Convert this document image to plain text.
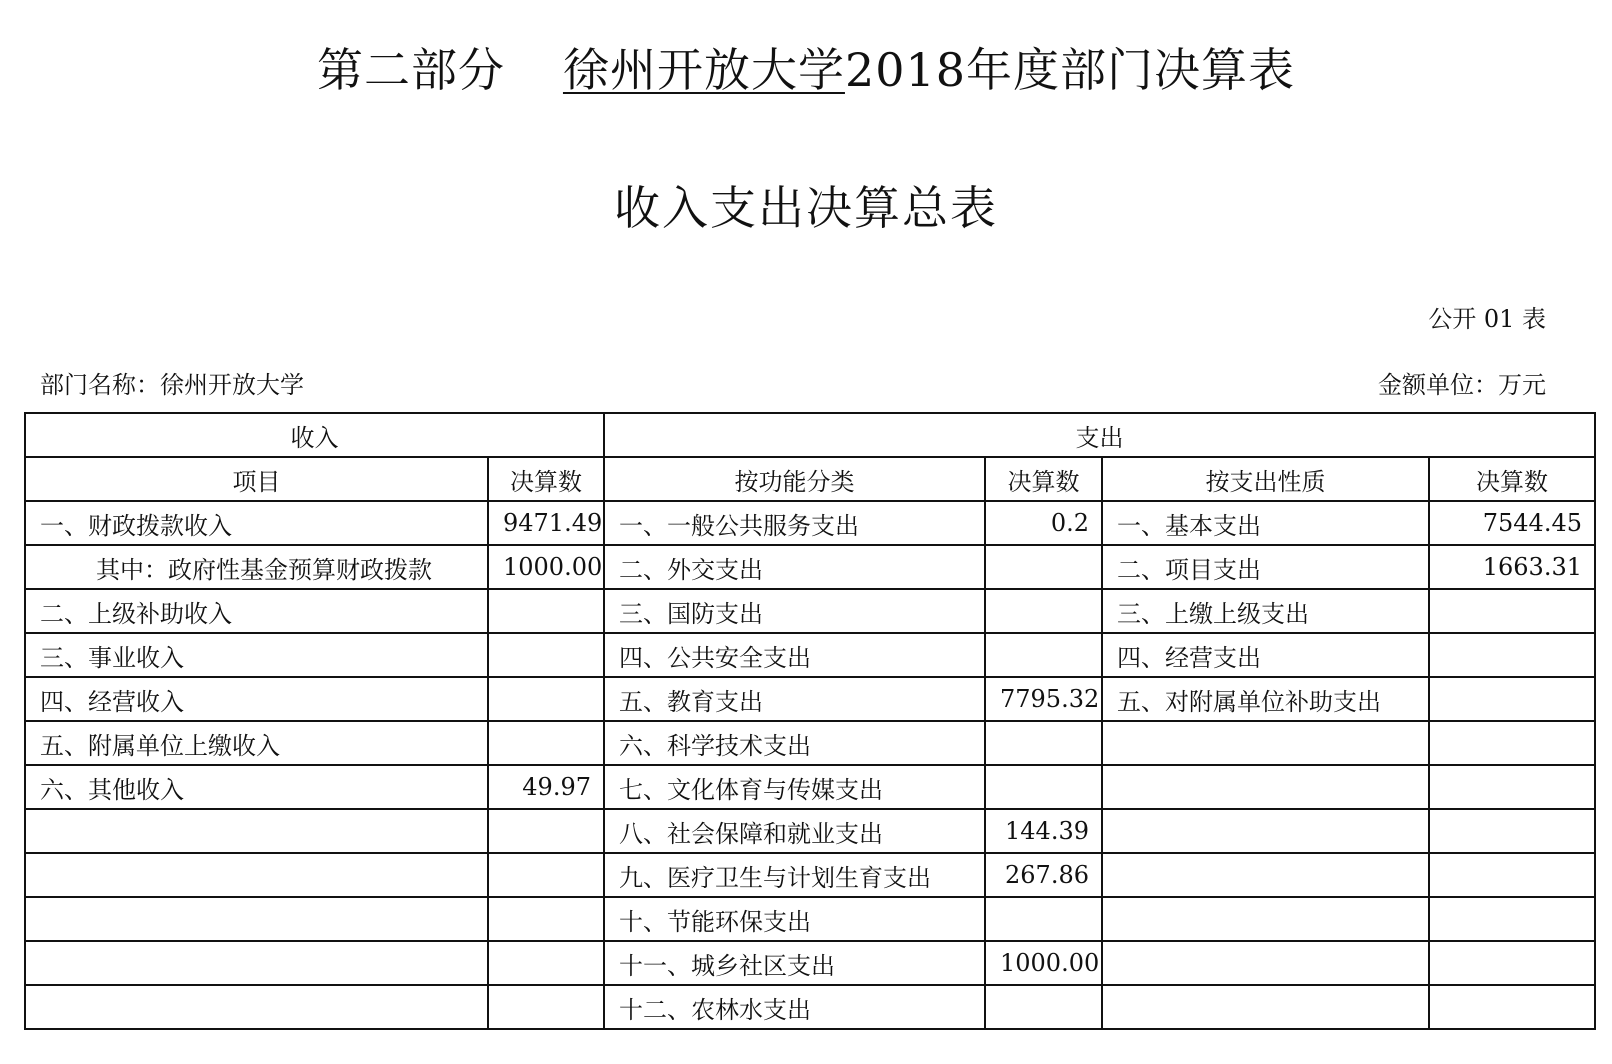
第二部分 徐州开放大学2018年度部门决算表
收入支出决算总表
公开 01 表
部门名称：徐州开放大学	金额单位：万元
收入		支出			
项目	决算数	按功能分类	决算数	按支出性质	决算数
一、财政拨款收入	9471.49	一、一般公共服务支出	0.2	一、基本支出	7544.45
其中：政府性基金预算财政拨款	1000.00	二、外交支出		二、项目支出	1663.31
二、上级补助收入		三、国防支出		三、上缴上级支出	
三、事业收入		四、公共安全支出		四、经营支出	
四、经营收入		五、教育支出	7795.32	五、对附属单位补助支出	
五、附属单位上缴收入		六、科学技术支出			
六、其他收入	49.97	七、文化体育与传媒支出			
		八、社会保障和就业支出	144.39		
		九、医疗卫生与计划生育支出	267.86		
		十、节能环保支出			
		十一、城乡社区支出	1000.00		
		十二、农林水支出			
